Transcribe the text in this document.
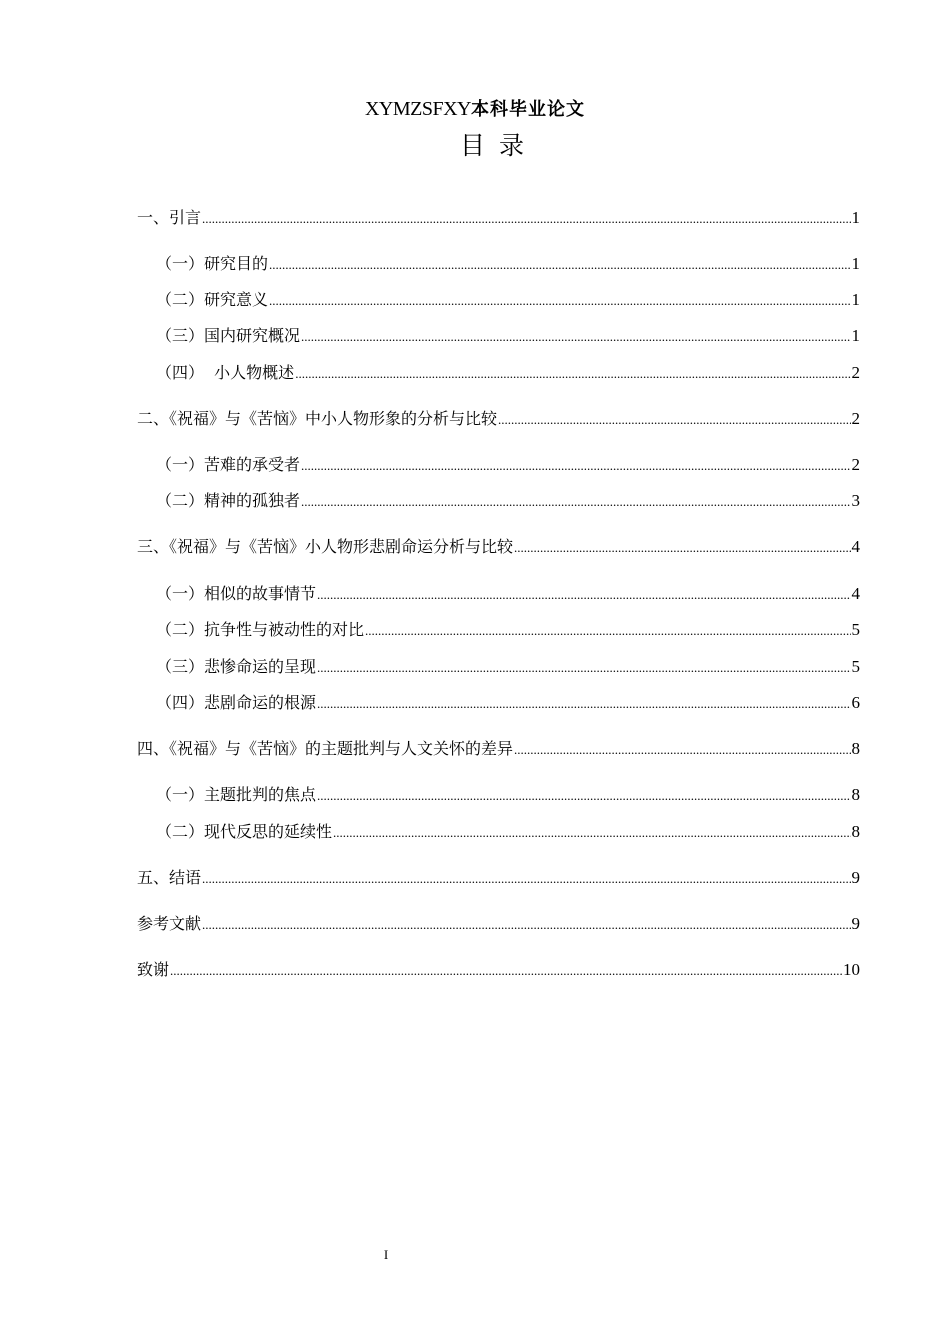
XYMZSFXY本科毕业论文
目录
一、引言 .....	1
（一）研究目的 .....	1
（二）研究意义 .....	1
（三）国内研究概况 .....	1
（四）  小人物概述 .....	2
二、《祝福》与《苦恼》中小人物形象的分析与比较 .....	2
（一）苦难的承受者 .....	2
（二）精神的孤独者 .....	3
三、《祝福》与《苦恼》小人物形悲剧命运分析与比较 .....	4
（一）相似的故事情节 .....	4
（二）抗争性与被动性的对比 .....	5
（三）悲惨命运的呈现 .....	5
（四）悲剧命运的根源 .....	6
四、《祝福》与《苦恼》的主题批判与人文关怀的差异 .....	8
（一）主题批判的焦点 .....	8
（二）现代反思的延续性 .....	8
五、结语 .....	9
参考文献 .....	9
致谢 .....	10
I
